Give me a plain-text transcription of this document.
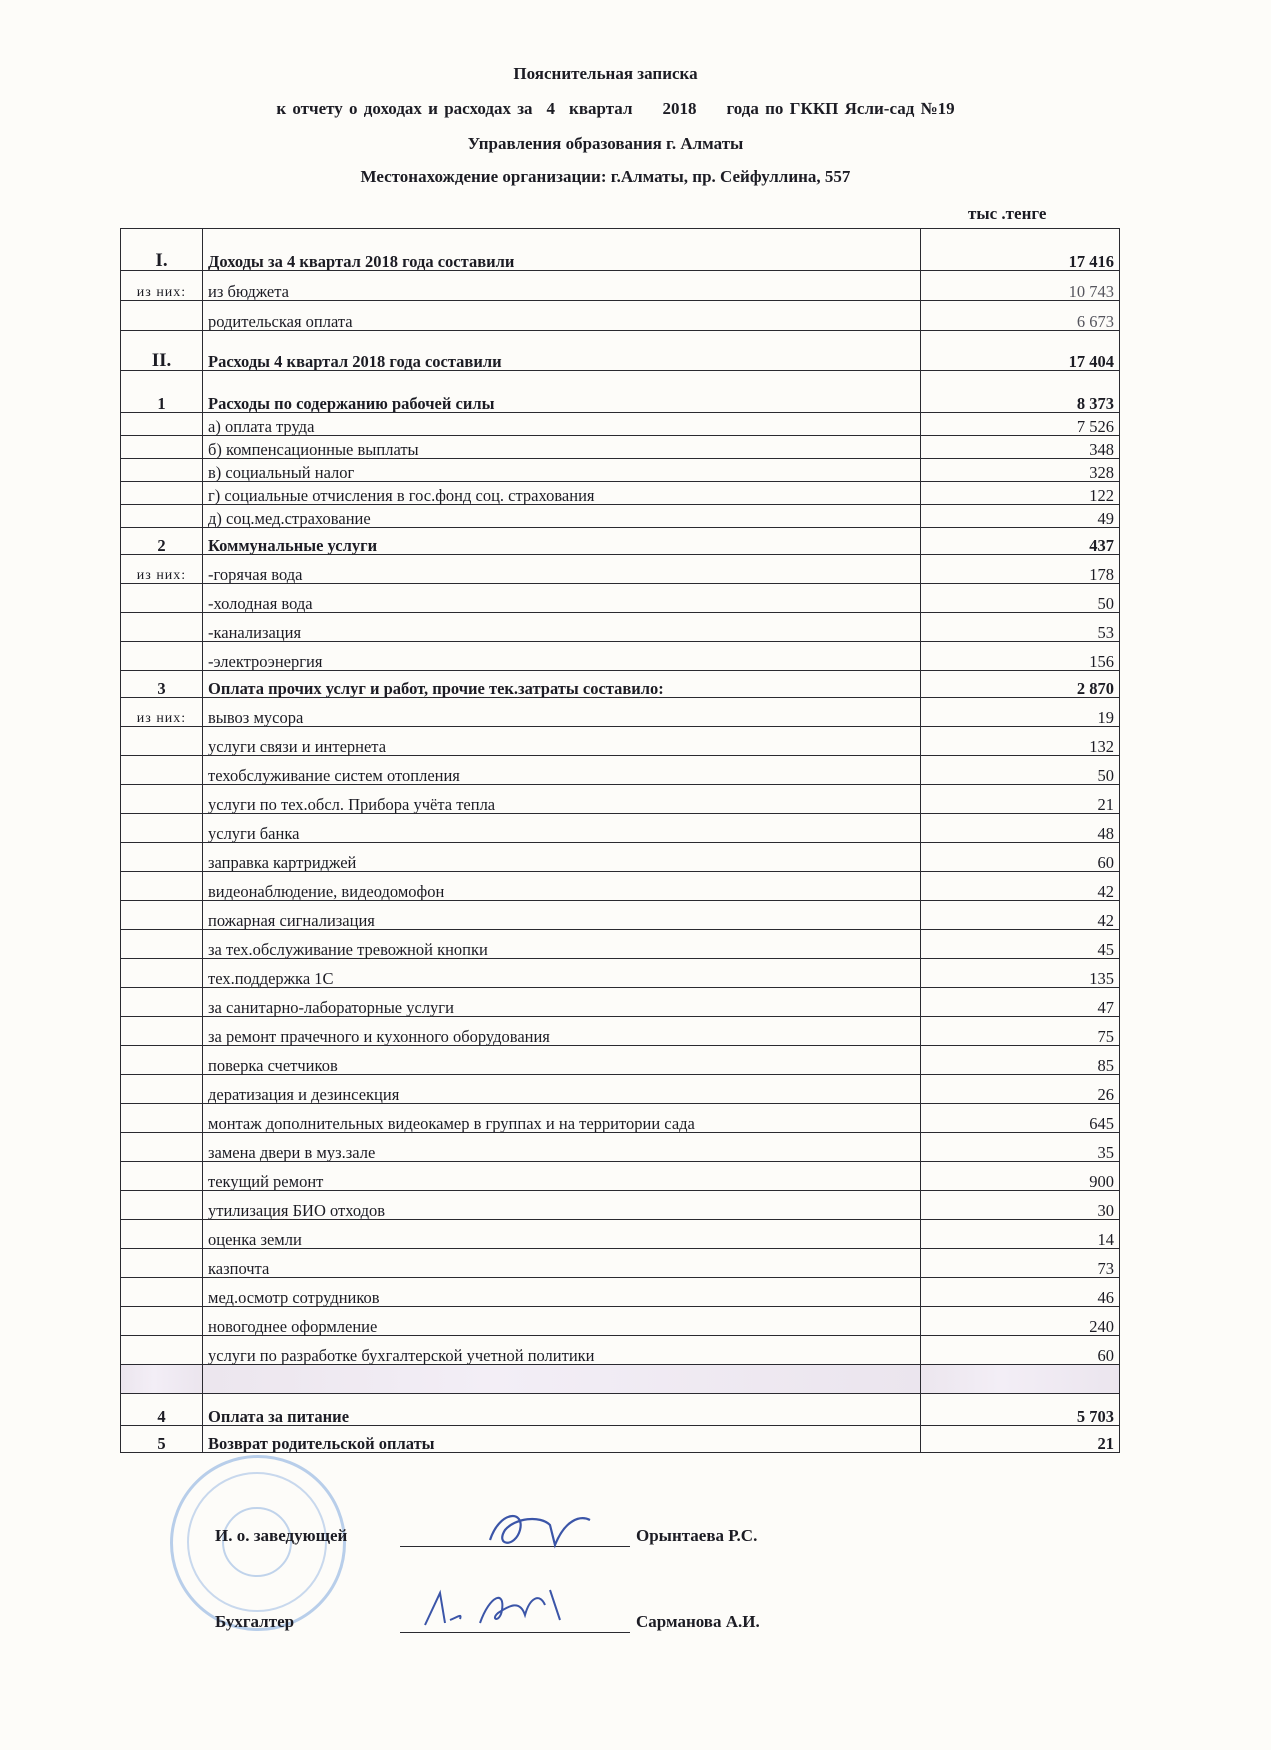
Пояснительная записка
к отчету о доходах и расходах за 4 квартал 2018 года по ГККП Ясли-сад №19
Управления образования г. Алматы
Местонахождение организации: г.Алматы, пр. Сейфуллина, 557
тыс .тенге
I.	Доходы за 4 квартал 2018 года составили	17 416
из них:	из бюджета	10 743
	родительская оплата	6 673
II.	Расходы 4 квартал 2018 года составили	17 404
1	Расходы по содержанию рабочей силы	8 373
	а) оплата труда	7 526
	б) компенсационные выплаты	348
	в) социальный налог	328
	г) социальные отчисления в гос.фонд соц. страхования	122
	д) соц.мед.страхование	49
2	Коммунальные услуги	437
из них:	-горячая вода	178
	-холодная вода	50
	-канализация	53
	-электроэнергия	156
3	Оплата прочих услуг и работ, прочие тек.затраты составило:	2 870
из них:	вывоз мусора	19
	услуги связи и интернета	132
	техобслуживание систем отопления	50
	услуги по тех.обсл. Прибора учёта тепла	21
	услуги банка	48
	заправка картриджей	60
	видеонаблюдение, видеодомофон	42
	пожарная сигнализация	42
	за тех.обслуживание тревожной кнопки	45
	тех.поддержка 1С	135
	за санитарно-лабораторные услуги	47
	за ремонт прачечного и кухонного оборудования	75
	поверка счетчиков	85
	дератизация и дезинсекция	26
	монтаж дополнительных видеокамер в группах и на территории сада	645
	замена двери в муз.зале	35
	текущий ремонт	900
	утилизация БИО отходов	30
	оценка земли	14
	казпочта	73
	мед.осмотр сотрудников	46
	новогоднее оформление	240
	услуги по разработке бухгалтерской учетной политики	60

4	Оплата за питание	5 703
5	Возврат родительской оплаты	21
И. о. заведующей	Орынтаева Р.С.
Бухгалтер	Сарманова А.И.
